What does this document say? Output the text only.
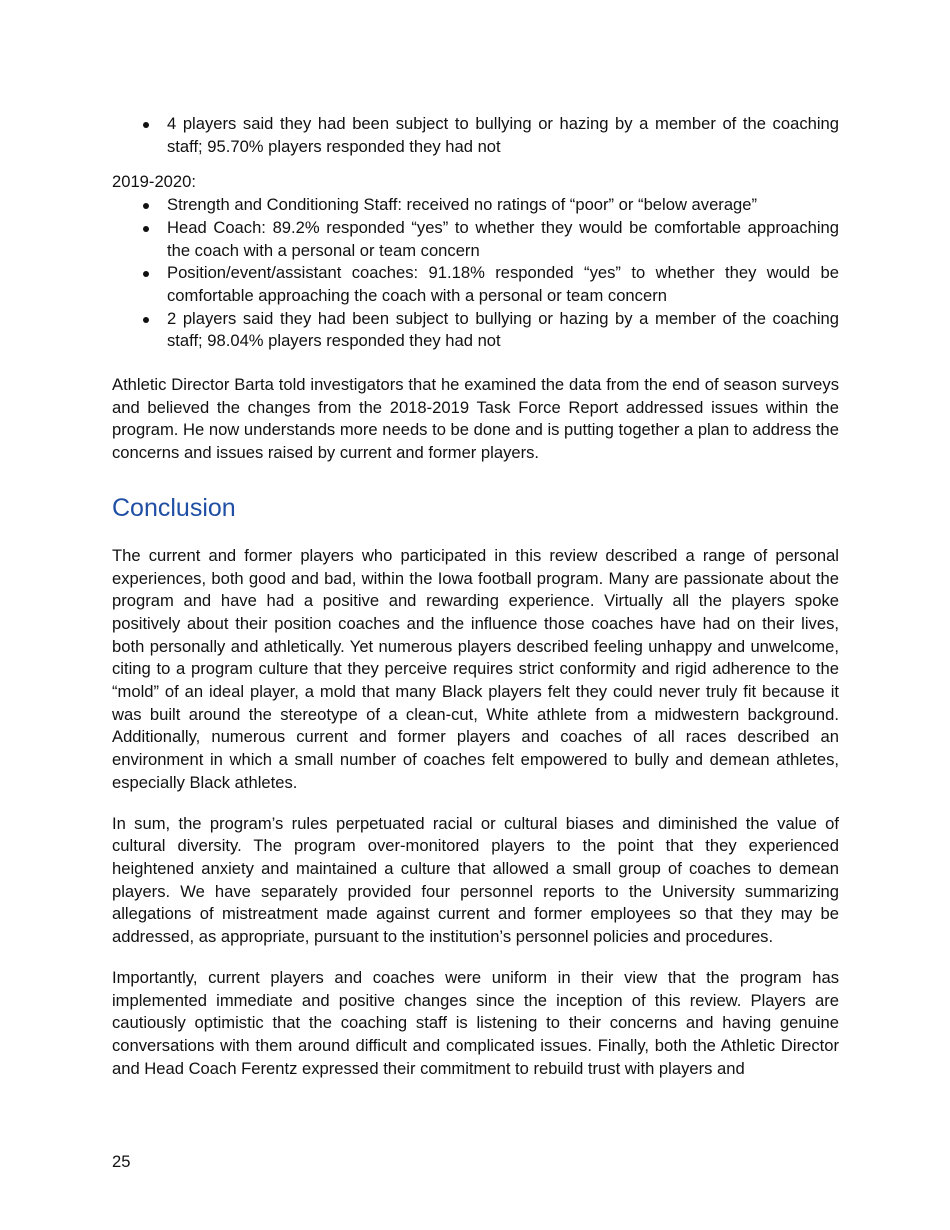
4 players said they had been subject to bullying or hazing by a member of the coaching staff; 95.70% players responded they had not

2019-2020:

Strength and Conditioning Staff: received no ratings of “poor” or “below average”
Head Coach: 89.2% responded “yes” to whether they would be comfortable approaching the coach with a personal or team concern
Position/event/assistant coaches: 91.18% responded “yes” to whether they would be comfortable approaching the coach with a personal or team concern
2 players said they had been subject to bullying or hazing by a member of the coaching staff; 98.04% players responded they had not

Athletic Director Barta told investigators that he examined the data from the end of season surveys and believed the changes from the 2018-2019 Task Force Report addressed issues within the program. He now understands more needs to be done and is putting together a plan to address the concerns and issues raised by current and former players.

Conclusion

The current and former players who participated in this review described a range of personal experiences, both good and bad, within the Iowa football program. Many are passionate about the program and have had a positive and rewarding experience. Virtually all the players spoke positively about their position coaches and the influence those coaches have had on their lives, both personally and athletically. Yet numerous players described feeling unhappy and unwelcome, citing to a program culture that they perceive requires strict conformity and rigid adherence to the “mold” of an ideal player, a mold that many Black players felt they could never truly fit because it was built around the stereotype of a clean-cut, White athlete from a midwestern background. Additionally, numerous current and former players and coaches of all races described an environment in which a small number of coaches felt empowered to bully and demean athletes, especially Black athletes.

In sum, the program’s rules perpetuated racial or cultural biases and diminished the value of cultural diversity. The program over-monitored players to the point that they experienced heightened anxiety and maintained a culture that allowed a small group of coaches to demean players. We have separately provided four personnel reports to the University summarizing allegations of mistreatment made against current and former employees so that they may be addressed, as appropriate, pursuant to the institution’s personnel policies and procedures.

Importantly, current players and coaches were uniform in their view that the program has implemented immediate and positive changes since the inception of this review. Players are cautiously optimistic that the coaching staff is listening to their concerns and having genuine conversations with them around difficult and complicated issues. Finally, both the Athletic Director and Head Coach Ferentz expressed their commitment to rebuild trust with players and

25
